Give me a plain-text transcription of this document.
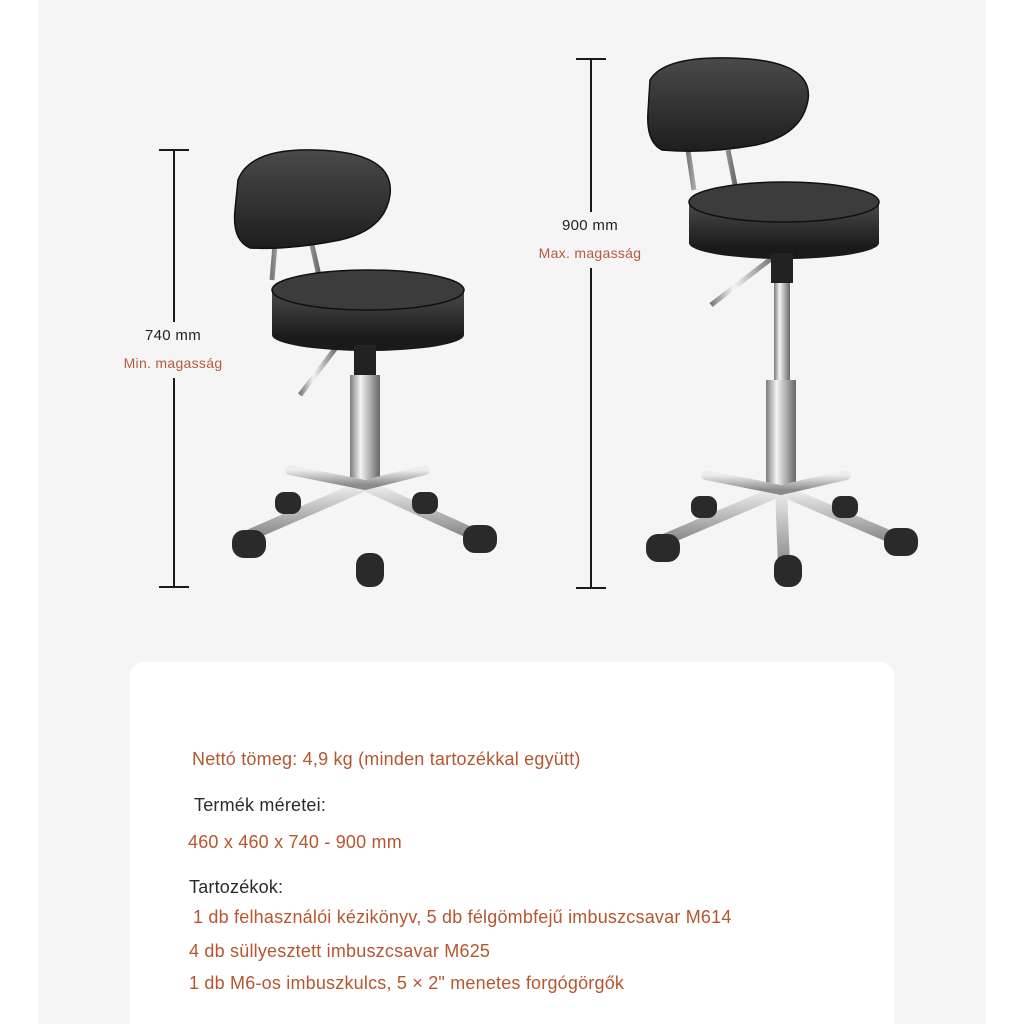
740 mm
Min. magasság
900 mm
Max. magasság
Nettó tömeg: 4,9 kg (minden tartozékkal együtt)
Termék méretei:
460 x 460 x 740 - 900 mm
Tartozékok:
1 db felhasználói kézikönyv, 5 db félgömbfejű imbuszcsavar M614
4 db süllyesztett imbuszcsavar M625
1 db M6-os imbuszkulcs, 5 × 2" menetes forgógörgők
